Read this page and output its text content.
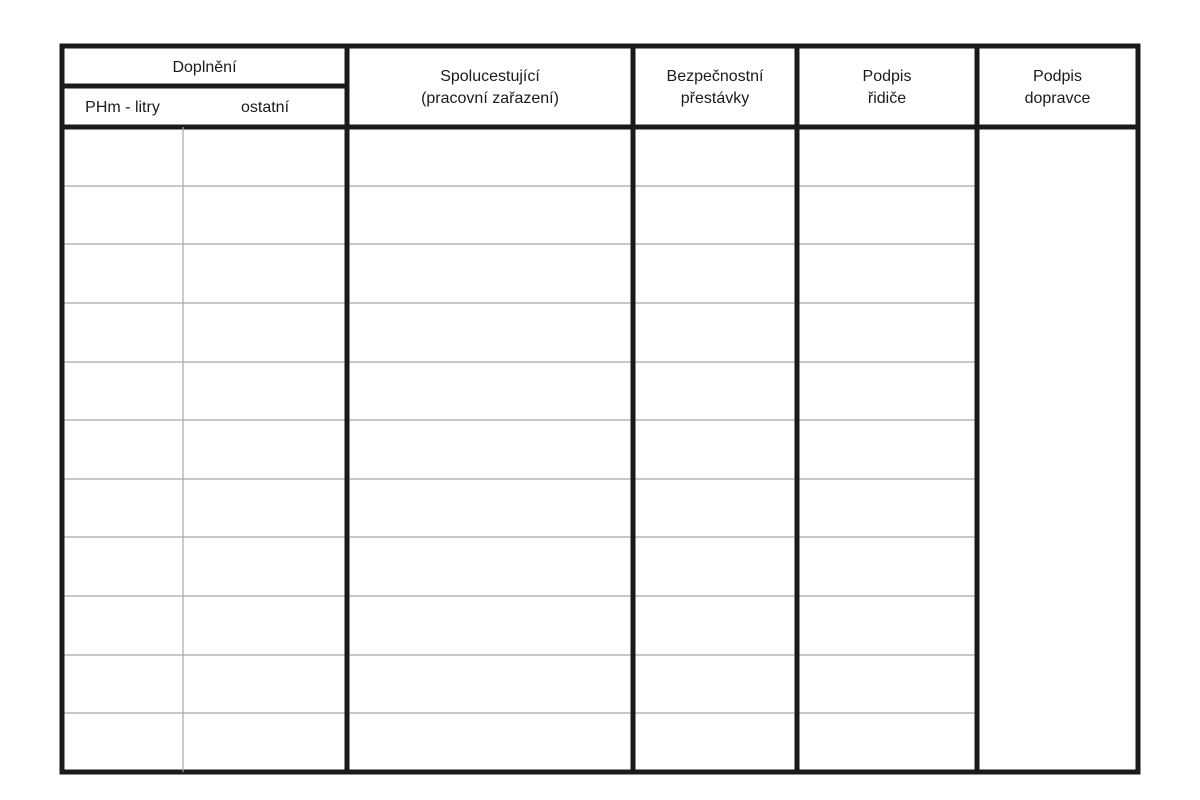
Doplnění
PHm - litry	ostatní
Spolucestující
(pracovní zařazení)
Bezpečnostní
přestávky
Podpis
řidiče
Podpis
dopravce
